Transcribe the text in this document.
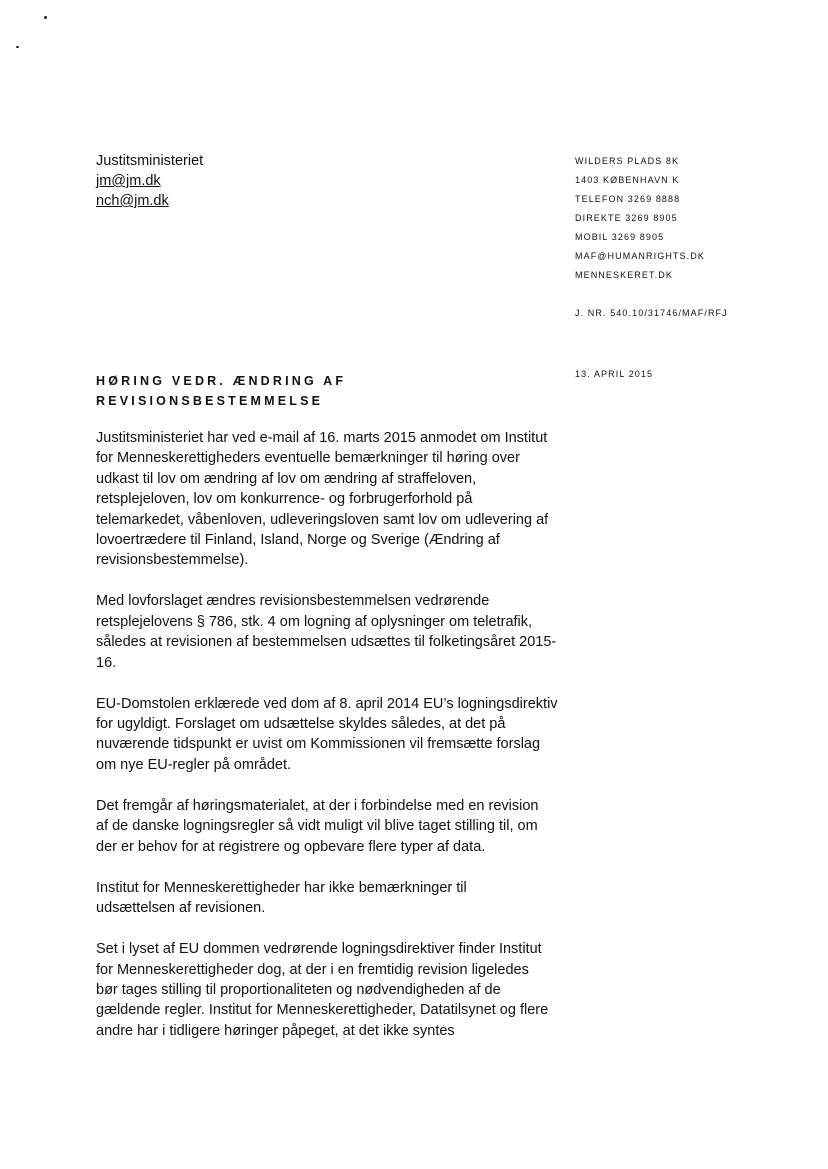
Justitsministeriet
jm@jm.dk
nch@jm.dk
WILDERS PLADS 8K
1403 KØBENHAVN K
TELEFON 3269 8888
DIREKTE 3269 8905
MOBIL 3269 8905
MAF@HUMANRIGHTS.DK
MENNESKERET.DK
J. NR. 540.10/31746/MAF/RFJ
13. APRIL 2015
HØRING VEDR. ÆNDRING AF
REVISIONSBESTEMMELSE

Justitsministeriet har ved e-mail af 16. marts 2015 anmodet om Institut
for Menneskerettigheders eventuelle bemærkninger til høring over
udkast til lov om ændring af lov om ændring af straffeloven,
retsplejeloven, lov om konkurrence- og forbrugerforhold på
telemarkedet, våbenloven, udleveringsloven samt lov om udlevering af
lovoertrædere til Finland, Island, Norge og Sverige (Ændring af
revisionsbestemmelse).

Med lovforslaget ændres revisionsbestemmelsen vedrørende
retsplejelovens § 786, stk. 4 om logning af oplysninger om teletrafik,
således at revisionen af bestemmelsen udsættes til folketingsåret 2015-
16.

EU-Domstolen erklærede ved dom af 8. april 2014 EU’s logningsdirektiv
for ugyldigt. Forslaget om udsættelse skyldes således, at det på
nuværende tidspunkt er uvist om Kommissionen vil fremsætte forslag
om nye EU-regler på området.

Det fremgår af høringsmaterialet, at der i forbindelse med en revision
af de danske logningsregler så vidt muligt vil blive taget stilling til, om
der er behov for at registrere og opbevare flere typer af data.

Institut for Menneskerettigheder har ikke bemærkninger til
udsættelsen af revisionen.

Set i lyset af EU dommen vedrørende logningsdirektiver finder Institut
for Menneskerettigheder dog, at der i en fremtidig revision ligeledes
bør tages stilling til proportionaliteten og nødvendigheden af de
gældende regler. Institut for Menneskerettigheder, Datatilsynet og flere
andre har i tidligere høringer påpeget, at det ikke syntes
